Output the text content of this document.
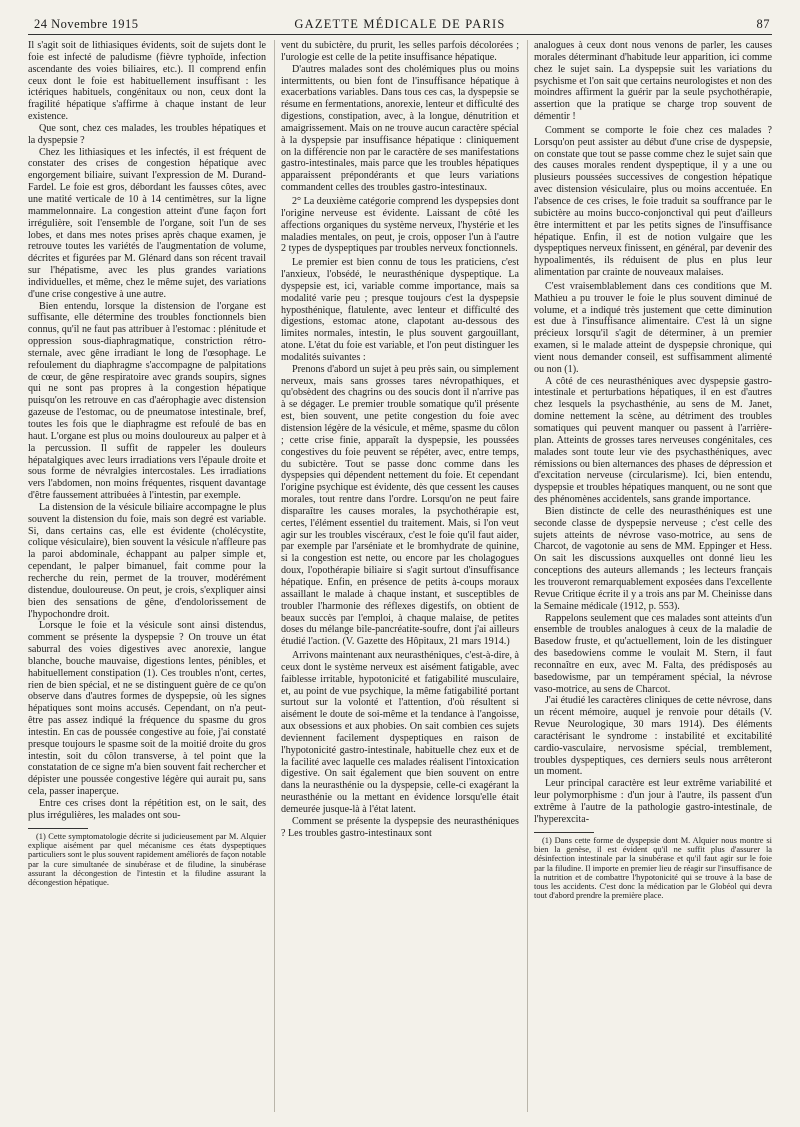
24 Novembre 1915	GAZETTE MÉDICALE DE PARIS	87

Il s'agit soit de lithiasiques évidents, soit de sujets dont le foie est infecté de paludisme (fièvre typhoïde, infection ascendante des voies biliaires, etc.). Il comprend enfin ceux dont le foie est habituellement insuffisant : les ictériques habituels, congénitaux ou non, ceux dont la fragilité hépatique s'affirme à chaque instant de leur existence.

Que sont, chez ces malades, les troubles hépatiques et la dyspepsie ?

Chez les lithiasiques et les infectés, il est fréquent de constater des crises de congestion hépatique avec engorgement biliaire, suivant l'expression de M. Durand-Fardel. Le foie est gros, débordant les fausses côtes, avec une matité verticale de 10 à 14 centimètres, sur la ligne mammelonnaire. La congestion atteint d'une façon fort irrégulière, soit l'ensemble de l'organe, soit l'un de ses lobes, et dans mes notes prises après chaque examen, je retrouve toutes les variétés de l'augmentation de volume, décrites et figurées par M. Glénard dans son récent travail sur l'hépatisme, avec les plus grandes variations individuelles, et même, chez le même sujet, des variations d'une crise congestive à une autre.

Bien entendu, lorsque la distension de l'organe est suffisante, elle détermine des troubles fonctionnels bien connus, qu'il ne faut pas attribuer à l'estomac : plénitude et oppression sous-diaphragmatique, constriction rétro-sternale, avec gêne irradiant le long de l'œsophage. Le refoulement du diaphragme s'accompagne de palpitations de cœur, de gêne respiratoire avec grands soupirs, signes qui ne sont pas propres à la congestion hépatique puisqu'on les retrouve en cas d'aérophagie avec distension gazeuse de l'estomac, ou de pneumatose intestinale, bref, toutes les fois que le diaphragme est refoulé de bas en haut. L'organe est plus ou moins douloureux au palper et à la percussion. Il suffit de rappeler les douleurs hépatalgiques avec leurs irradiations vers l'épaule droite et sous forme de névralgies intercostales. Les irradiations vers l'abdomen, non moins fréquentes, risquent davantage d'être faussement attribuées à l'intestin, par exemple.

La distension de la vésicule biliaire accompagne le plus souvent la distension du foie, mais son degré est variable. Si, dans certains cas, elle est évidente (cholécystite, colique vésiculaire), bien souvent la vésicule n'affleure pas la paroi abdominale, échappant au palper simple et, cependant, le palper bimanuel, fait comme pour la recherche du rein, permet de la trouver, modérément distendue, douloureuse. On peut, je crois, s'expliquer ainsi bien des sensations de gêne, d'endolorissement de l'hypochondre droit.

Lorsque le foie et la vésicule sont ainsi distendus, comment se présente la dyspepsie ? On trouve un état saburral des voies digestives avec anorexie, langue blanche, bouche mauvaise, digestions lentes, pénibles, et habituellement constipation (1). Ces troubles n'ont, certes, rien de bien spécial, et ne se distinguent guère de ce qu'on observe dans d'autres formes de dyspepsie, où les signes hépatiques sont moins accusés. Cependant, on n'a peut-être pas assez indiqué la fréquence du spasme du gros intestin. En cas de poussée congestive au foie, j'ai constaté presque toujours le spasme soit de la moitié droite du gros intestin, soit du côlon transverse, à tel point que la constatation de ce signe m'a bien souvent fait rechercher et dépister une poussée congestive légère qui aurait pu, sans cela, passer inaperçue.

Entre ces crises dont la répétition est, on le sait, des plus irrégulières, les malades ont sou-

(1) Cette symptomatologie décrite si judicieusement par M. Alquier explique aisément par quel mécanisme ces états dyspeptiques particuliers sont le plus souvent rapidement améliorés de façon notable par la cure simultanée de sinubérase et de filudine, la sinubérase assurant la décongestion de l'intestin et la filudine assurant la décongestion hépatique.

vent du subictère, du prurit, les selles parfois décolorées ; l'urologie est celle de la petite insuffisance hépatique.

D'autres malades sont des cholémiques plus ou moins intermittents, ou bien font de l'insuffisance hépatique à exacerbations variables. Dans tous ces cas, la dyspepsie se résume en fermentations, anorexie, lenteur et difficulté des digestions, constipation, avec, à la longue, dénutrition et amaigrissement. Mais on ne trouve aucun caractère spécial à la dyspepsie par insuffisance hépatique : cliniquement on la différencie non par le caractère de ses manifestations gastro-intestinales, mais parce que les troubles hépatiques apparaissent prépondérants et que leurs variations commandent celles des troubles gastro-intestinaux.

2° La deuxième catégorie comprend les dyspepsies dont l'origine nerveuse est évidente. Laissant de côté les affections organiques du système nerveux, l'hystérie et les maladies mentales, on peut, je crois, opposer l'un à l'autre 2 types de dyspeptiques par troubles nerveux fonctionnels.

Le premier est bien connu de tous les praticiens, c'est l'anxieux, l'obsédé, le neurasthénique dyspeptique. La dyspepsie est, ici, variable comme importance, mais sa modalité varie peu ; presque toujours c'est la dyspepsie hyposthénique, flatulente, avec lenteur et difficulté des digestions, estomac atone, clapotant au-dessous des limites normales, intestin, le plus souvent gargouillant, atone. L'état du foie est variable, et l'on peut distinguer les modalités suivantes :

Prenons d'abord un sujet à peu près sain, ou simplement nerveux, mais sans grosses tares névropathiques, et qu'obsèdent des chagrins ou des soucis dont il n'arrive pas à se dégager. Le premier trouble somatique qu'il présente est, bien souvent, une petite congestion du foie avec distension légère de la vésicule, et même, spasme du côlon ; cette crise finie, apparaît la dyspepsie, les poussées congestives du foie peuvent se répéter, avec, entre temps, du subictère. Tout se passe donc comme dans les dyspepsies qui dépendent nettement du foie. Et cependant l'origine psychique est évidente, dès que cessent les causes morales, tout rentre dans l'ordre. Lorsqu'on ne peut faire disparaître les causes morales, la psychothérapie est, certes, l'élément essentiel du traitement. Mais, si l'on veut agir sur les troubles viscéraux, c'est le foie qu'il faut aider, par exemple par l'arséniate et le bromhydrate de quinine, si la congestion est nette, ou encore par les cholagogues doux, l'opothérapie biliaire si s'agit surtout d'insuffisance hépatique. Enfin, en présence de petits à-coups moraux assaillant le malade à chaque instant, et susceptibles de troubler l'harmonie des réflexes digestifs, on obtient de beaux succès par l'emploi, à chaque malaise, de petites doses du mélange bile-pancréatite-soufre, dont j'ai ailleurs étudié l'action. (V. Gazette des Hôpitaux, 21 mars 1914.)

Arrivons maintenant aux neurasthéniques, c'est-à-dire, à ceux dont le système nerveux est aisément fatigable, avec faiblesse irritable, hypotonicité et fatigabilité musculaire, et, au point de vue psychique, la même fatigabilité portant surtout sur la volonté et l'attention, d'où résultent si aisément le doute de soi-même et la tendance à l'angoisse, aux obsessions et aux phobies. On sait combien ces sujets deviennent facilement dyspeptiques en raison de l'hypotonicité gastro-intestinale, habituelle chez eux et de la facilité avec laquelle ces malades réalisent l'intoxication digestive. On sait également que bien souvent on entre dans la neurasthénie ou la dyspepsie, celle-ci exagérant la neurasthénie ou la mettant en évidence lorsqu'elle était demeurée jusque-là à l'état latent.

Comment se présente la dyspepsie des neurasthéniques ? Les troubles gastro-intestinaux sont

analogues à ceux dont nous venons de parler, les causes morales déterminant d'habitude leur apparition, ici comme chez le sujet sain. La dyspepsie suit les variations du psychisme et l'on sait que certains neurologistes et non des moindres affirment la guérir par la seule psychothérapie, assertion que la pratique se charge trop souvent de démentir !

Comment se comporte le foie chez ces malades ? Lorsqu'on peut assister au début d'une crise de dyspepsie, on constate que tout se passe comme chez le sujet sain que des causes morales rendent dyspeptique, il y a une ou plusieurs poussées successives de congestion hépatique avec distension vésiculaire, plus ou moins accentuée. En l'absence de ces crises, le foie traduit sa souffrance par le subictère au moins bucco-conjonctival qui peut d'ailleurs être intermittent et par les petits signes de l'insuffisance hépatique. Enfin, il est de notion vulgaire que les dyspeptiques nerveux finissent, en général, par devenir des hypoalimentés, ils réduisent de plus en plus leur alimentation par crainte de nouveaux malaises.

C'est vraisemblablement dans ces conditions que M. Mathieu a pu trouver le foie le plus souvent diminué de volume, et a indiqué très justement que cette diminution est due à l'insuffisance alimentaire. C'est là un signe précieux lorsqu'il s'agit de déterminer, à un premier examen, si le malade atteint de dyspepsie chronique, qui vient nous demander conseil, est suffisamment alimenté ou non (1).

A côté de ces neurasthéniques avec dyspepsie gastro-intestinale et perturbations hépatiques, il en est d'autres chez lesquels la psychasthénie, au sens de M. Janet, domine nettement la scène, au détriment des troubles somatiques qui peuvent manquer ou passent à l'arrière-plan. Atteints de grosses tares nerveuses congénitales, ces malades sont toute leur vie des psychasthéniques, avec rémissions ou bien alternances des phases de dépression et d'excitation nerveuse (circularisme). Ici, bien entendu, dyspepsie et troubles hépatiques manquent, ou ne sont que des phénomènes accidentels, sans grande importance.

Bien distincte de celle des neurasthéniques est une seconde classe de dyspepsie nerveuse ; c'est celle des sujets atteints de névrose vaso-motrice, au sens de Charcot, de vagotonie au sens de MM. Eppinger et Hess. On sait les discussions auxquelles ont donné lieu les conceptions des auteurs allemands ; les lecteurs français les trouveront remarquablement exposées dans l'excellente Revue Critique écrite il y a trois ans par M. Cheinisse dans la Semaine médicale (1912, p. 553).

Rappelons seulement que ces malades sont atteints d'un ensemble de troubles analogues à ceux de la maladie de Basedow fruste, et qu'actuellement, loin de les distinguer des basedowiens comme le voulait M. Stern, il faut reconnaître en eux, avec M. Falta, des prédisposés au basedowisme, par un tempérament spécial, la névrose vaso-motrice, au sens de Charcot.

J'ai étudié les caractères cliniques de cette névrose, dans un récent mémoire, auquel je renvoie pour détails (V. Revue Neurologique, 30 mars 1914). Des éléments caractérisant le syndrome : instabilité et excitabilité cardio-vasculaire, nervosisme spécial, tremblement, troubles dyspeptiques, ces derniers seuls nous arrêteront un moment.

Leur principal caractère est leur extrême variabilité et leur polymorphisme : d'un jour à l'autre, ils passent d'un extrême à l'autre de la pathologie gastro-intestinale, de l'hyperexcita-

(1) Dans cette forme de dyspepsie dont M. Alquier nous montre si bien la genèse, il est évident qu'il ne suffit plus d'assurer la désinfection intestinale par la sinubérase et qu'il faut agir sur le foie par la filudine. Il importe en premier lieu de réagir sur l'insuffisance de la nutrition et de combattre l'hypotonicité qui se trouve à la base de tous les accidents. C'est donc la médication par le Globéol qui devra tout d'abord prendre la première place.
